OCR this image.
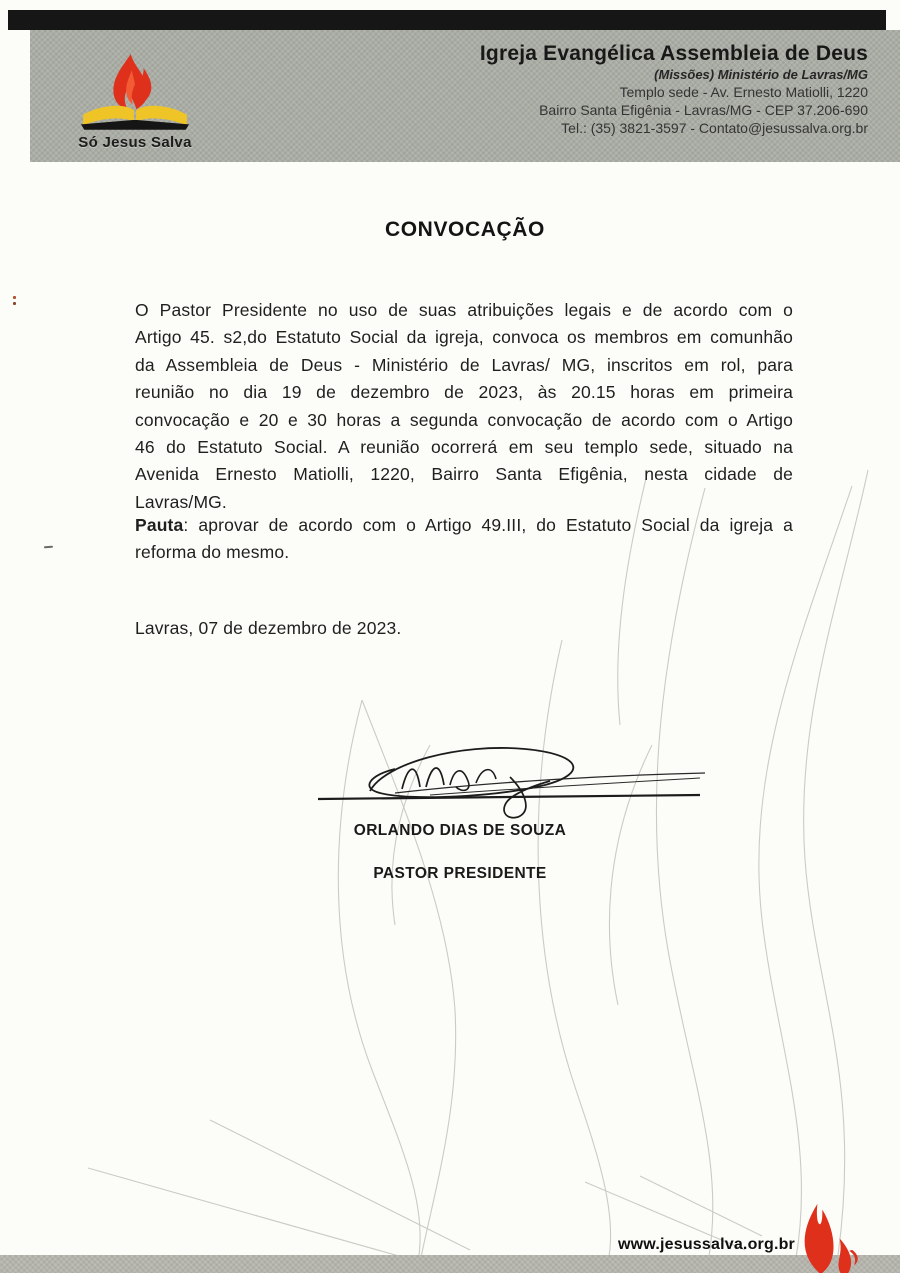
Só Jesus Salva
Igreja Evangélica Assembleia de Deus
(Missões) Ministério de Lavras/MG
Templo sede - Av. Ernesto Matiolli, 1220
Bairro Santa Efigênia - Lavras/MG - CEP 37.206-690
Tel.: (35) 3821-3597 - Contato@jesussalva.org.br
CONVOCAÇÃO
O Pastor Presidente no uso de suas atribuições legais e de acordo com o
Artigo 45. s2,do Estatuto Social da igreja, convoca os membros em comunhão
da Assembleia de Deus - Ministério de Lavras/ MG, inscritos em rol, para
reunião no dia 19 de dezembro de 2023, às 20.15 horas em primeira
convocação e 20 e 30 horas a segunda convocação de acordo com o Artigo
46 do Estatuto Social. A reunião ocorrerá em seu templo sede, situado na
Avenida Ernesto Matiolli, 1220, Bairro Santa Efigênia, nesta cidade de
Lavras/MG.
Pauta: aprovar de acordo com o Artigo 49.III, do Estatuto Social da igreja a
reforma do mesmo.
Lavras, 07 de dezembro de 2023.
ORLANDO DIAS DE SOUZA
PASTOR PRESIDENTE
www.jesussalva.org.br
